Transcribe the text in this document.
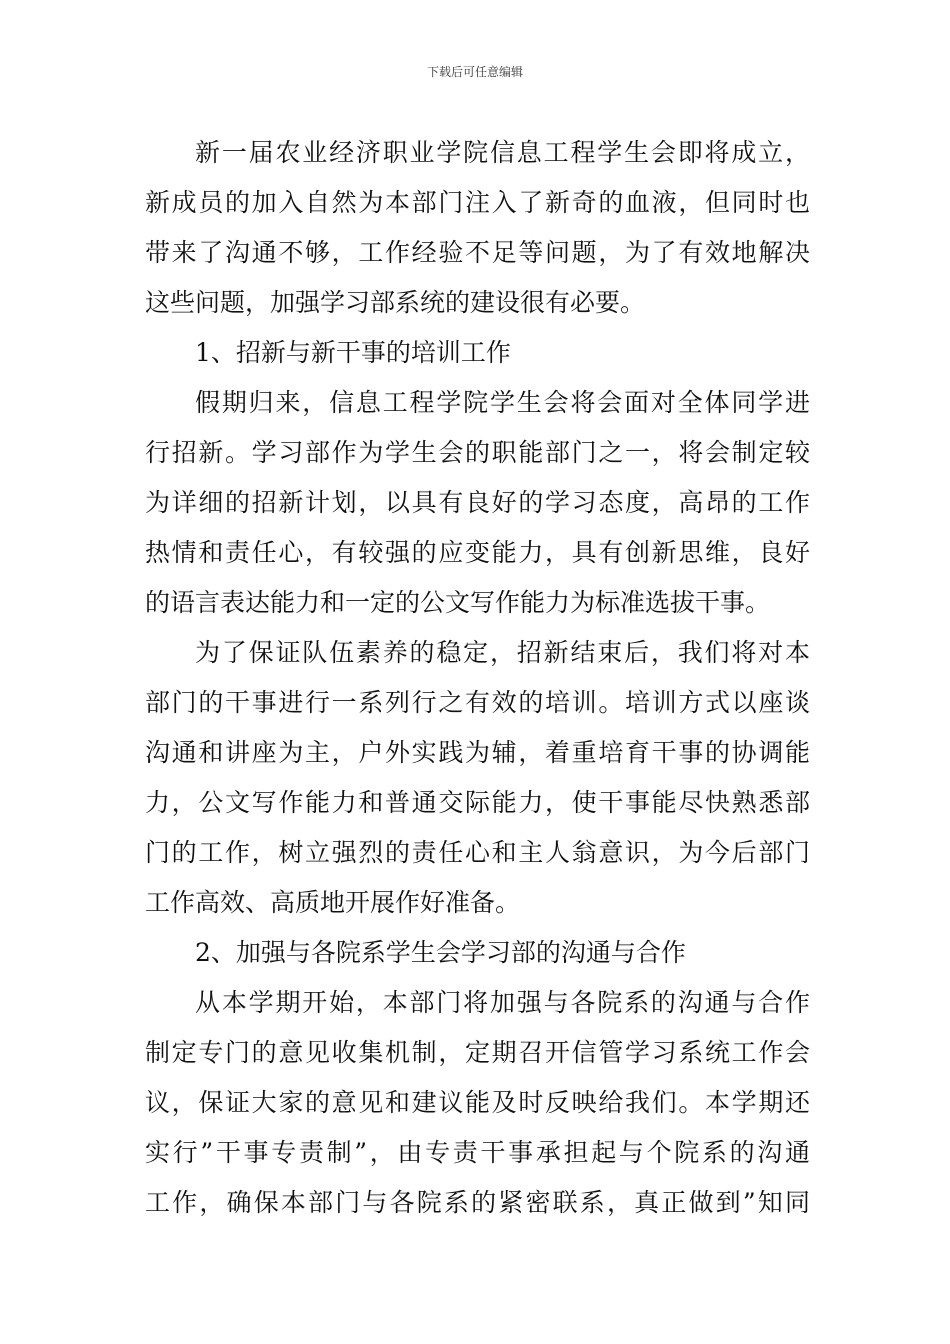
下载后可任意编辑
新一届农业经济职业学院信息工程学生会即将成立，
新成员的加入自然为本部门注入了新奇的血液，但同时也
带来了沟通不够，工作经验不足等问题，为了有效地解决
这些问题，加强学习部系统的建设很有必要。
1、招新与新干事的培训工作
假期归来，信息工程学院学生会将会面对全体同学进
行招新。学习部作为学生会的职能部门之一，将会制定较
为详细的招新计划，以具有良好的学习态度，高昂的工作
热情和责任心，有较强的应变能力，具有创新思维，良好
的语言表达能力和一定的公文写作能力为标准选拔干事。
为了保证队伍素养的稳定，招新结束后，我们将对本
部门的干事进行一系列行之有效的培训。培训方式以座谈
沟通和讲座为主，户外实践为辅，着重培育干事的协调能
力，公文写作能力和普通交际能力，使干事能尽快熟悉部
门的工作，树立强烈的责任心和主人翁意识，为今后部门
工作高效、高质地开展作好准备。
2、加强与各院系学生会学习部的沟通与合作
从本学期开始，本部门将加强与各院系的沟通与合作
制定专门的意见收集机制，定期召开信管学习系统工作会
议，保证大家的意见和建议能及时反映给我们。本学期还
实行”干事专责制”，由专责干事承担起与个院系的沟通
工作，确保本部门与各院系的紧密联系，真正做到”知同
